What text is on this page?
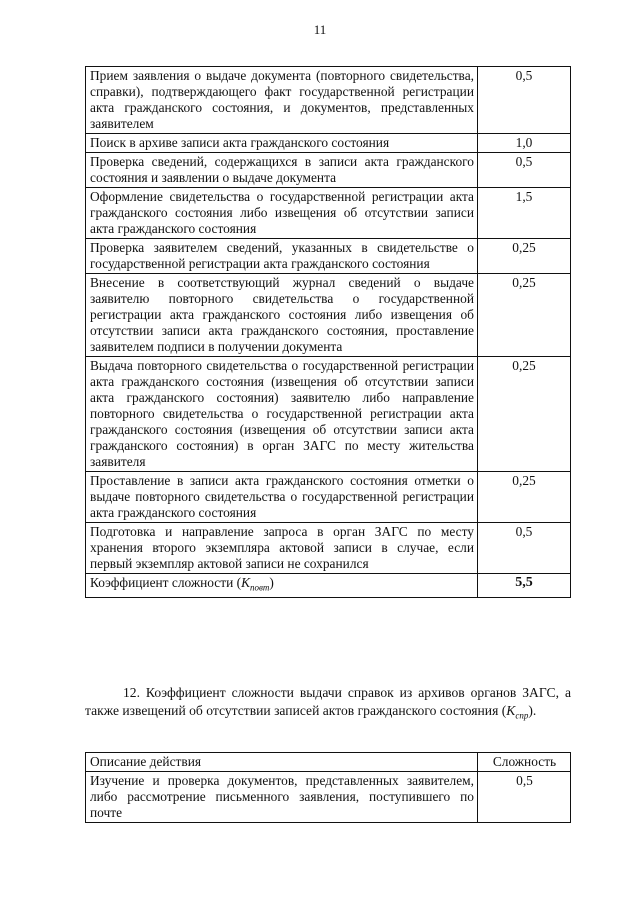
11
Прием заявления о выдаче документа (повторного свидетельства, справки), подтверждающего факт государственной регистрации акта гражданского состояния, и документов, представленных заявителем	0,5
Поиск в архиве записи акта гражданского состояния	1,0
Проверка сведений, содержащихся в записи акта гражданского состояния и заявлении о выдаче документа	0,5
Оформление свидетельства о государственной регистрации акта гражданского состояния либо извещения об отсутствии записи акта гражданского состояния	1,5
Проверка заявителем сведений, указанных в свидетельстве о государственной регистрации акта гражданского состояния	0,25
Внесение в соответствующий журнал сведений о выдаче заявителю повторного свидетельства о государственной регистрации акта гражданского состояния либо извещения об отсутствии записи акта гражданского состояния, проставление заявителем подписи в получении документа	0,25
Выдача повторного свидетельства о государственной регистрации акта гражданского состояния (извещения об отсутствии записи акта гражданского состояния) заявителю либо направление повторного свидетельства о государственной регистрации акта гражданского состояния (извещения об отсутствии записи акта гражданского состояния) в орган ЗАГС по месту жительства заявителя	0,25
Проставление в записи акта гражданского состояния отметки о выдаче повторного свидетельства о государственной регистрации акта гражданского состояния	0,25
Подготовка и направление запроса в орган ЗАГС по месту хранения второго экземпляра актовой записи в случае, если первый экземпляр актовой записи не сохранился	0,5
Коэффициент сложности $(K_{повт})$	5,5
12. Коэффициент сложности выдачи справок из архивов органов ЗАГС, а также извещений об отсутствии записей актов гражданского состояния $(K_{спр})$.
Описание действия	Сложность
Изучение и проверка документов, представленных заявителем, либо рассмотрение письменного заявления, поступившего по почте	0,5
